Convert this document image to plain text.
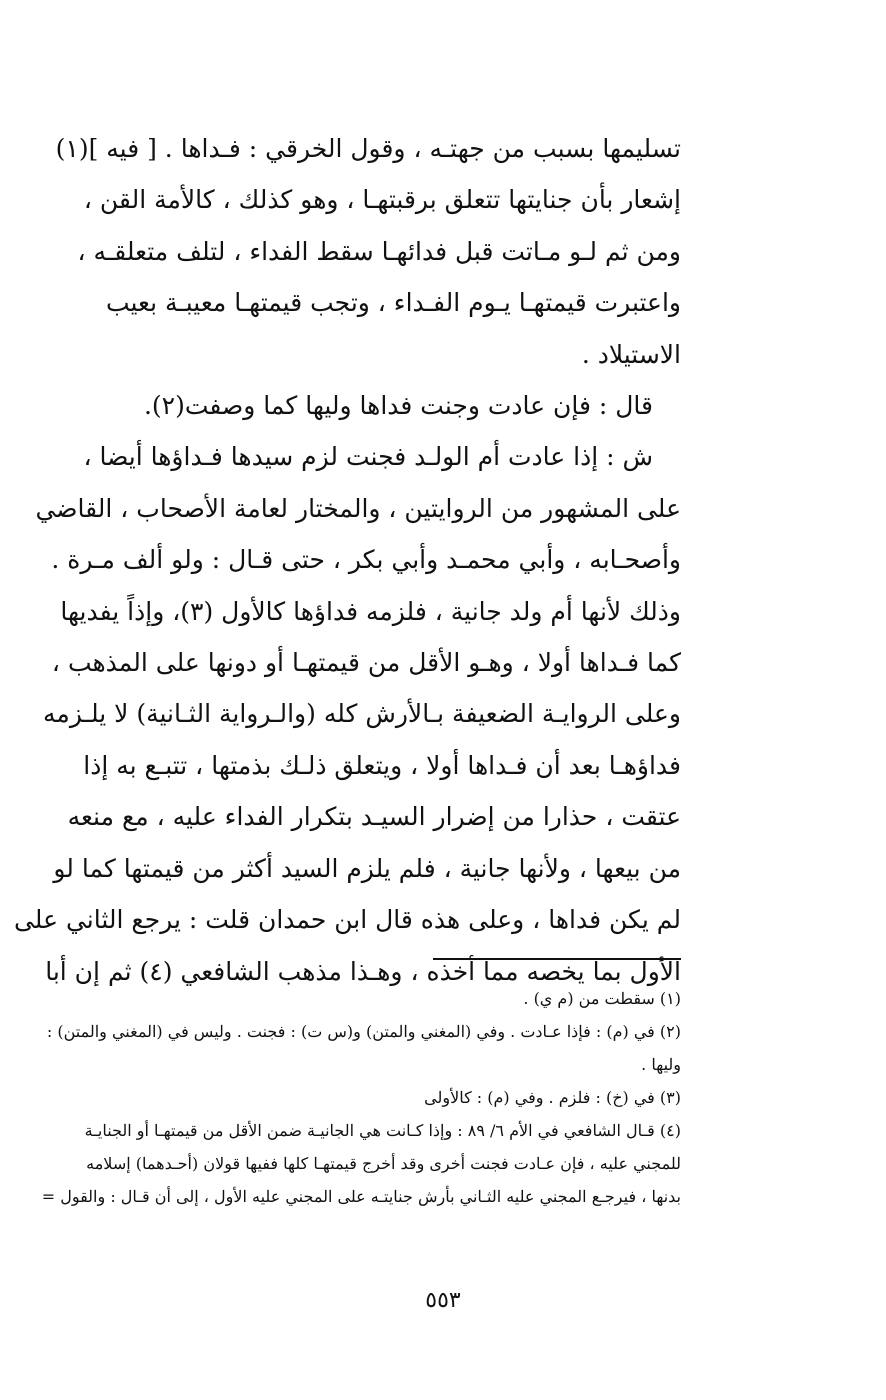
تسليمها بسبب من جهتـه ، وقول الخرقي : فـداها . [ فيه ](١)
إشعار بأن جنايتها تتعلق برقبتهـا ، وهو كذلك ، كالأمة القن ،
ومن ثم لـو مـاتت قبل فدائهـا سقط الفداء ، لتلف متعلقـه ،
واعتبرت قيمتهـا يـوم الفـداء ، وتجب قيمتهـا معيبـة بعيب
الاستيلاد .
قال : فإن عادت وجنت فداها وليها كما وصفت(٢).
ش : إذا عادت أم الولـد فجنت لزم سيدها فـداؤها أيضا ،
على المشهور من الروايتين ، والمختار لعامة الأصحاب ، القاضي
وأصحـابه ، وأبي محمـد وأبي بكر ، حتى قـال : ولو ألف مـرة .
وذلك لأنها أم ولد جانية ، فلزمه فداؤها كالأول (٣)، وإذاً يفديها
كما فـداها أولا ، وهـو الأقل من قيمتهـا أو دونها على المذهب ،
وعلى الروايـة الضعيفة بـالأرش كله (والـرواية الثـانية) لا يلـزمه
فداؤهـا بعد أن فـداها أولا ، ويتعلق ذلـك بذمتها ، تتبـع به إذا
عتقت ، حذارا من إضرار السيـد بتكرار الفداء عليه ، مع منعه
من بيعها ، ولأنها جانية ، فلم يلزم السيد أكثر من قيمتها كما لو
لم يكن فداها ، وعلى هذه قال ابن حمدان قلت : يرجع الثاني على
الأول بما يخصه مما أخذه ، وهـذا مذهب الشافعي (٤) ثم إن أبا
(١) سقطت من (م ي) .
(٢) في (م) : فإذا عـادت . وفي (المغني والمتن) و(س ت) : فجنت . وليس في (المغني والمتن) :
وليها .
(٣) في (خ) : فلزم . وفي (م) : كالأولى
(٤) قـال الشافعي في الأم ٦/ ٨٩ : وإذا كـانت هي الجانيـة ضمن الأقل من قيمتهـا أو الجنايـة
للمجني عليه ، فإن عـادت فجنت أخرى وقد أخرج قيمتهـا كلها ففيها قولان (أحـدهما) إسلامه
بدنها ، فيرجـع المجني عليه الثـاني بأرش جنايتـه على المجني عليه الأول ، إلى أن قـال : والقول =
٥٥٣
